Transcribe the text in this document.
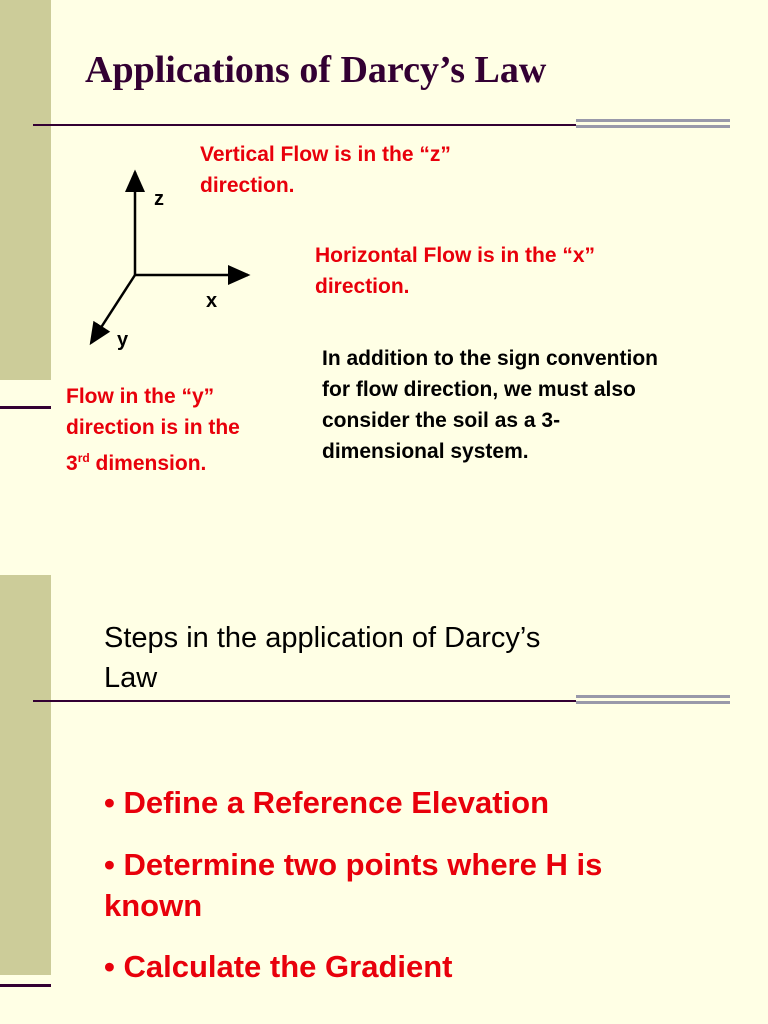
Applications of Darcy’s Law
z
x
y
Vertical Flow is in the “z”
direction.
Horizontal Flow is in the “x”
direction.
Flow in the “y”
direction is in the
3rd dimension.
In addition to the sign convention
for flow direction, we must also
consider the soil as a 3-
dimensional system.
Steps in the application of Darcy’s
Law
• Define a Reference Elevation
• Determine two points where H is
known
• Calculate the Gradient
